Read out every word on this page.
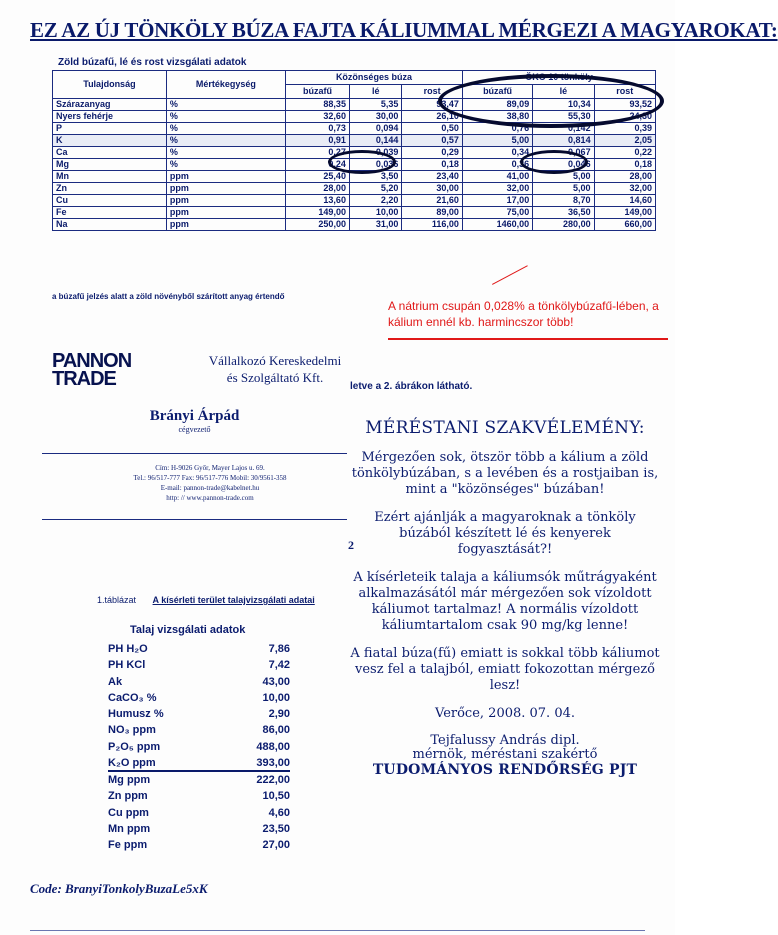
EZ AZ ÚJ TÖNKÖLY BÚZA FAJTA KÁLIUMMAL MÉRGEZI A MAGYAROKAT:
Zöld búzafű, lé és rost vizsgálati adatok
Tulajdonság	Mértékegység	Közönséges búza			ÖKO 10 tönköly		
		búzafű	lé	rost	búzafű	lé	rost
Szárazanyag	%	88,35	5,35	93,47	89,09	10,34	93,52
Nyers fehérje	%	32,60	30,00	26,10	38,80	55,30	24,30
P	%	0,73	0,094	0,50	0,76	0,142	0,39
K	%	0,91	0,144	0,57	5,00	0,814	2,05
Ca	%	0,27	0,039	0,29	0,34	0,067	0,22
Mg	%	0,24	0,036	0,18	0,36	0,046	0,18
Mn	ppm	25,40	3,50	23,40	41,00	5,00	28,00
Zn	ppm	28,00	5,20	30,00	32,00	5,00	32,00
Cu	ppm	13,60	2,20	21,60	17,00	8,70	14,60
Fe	ppm	149,00	10,00	89,00	75,00	36,50	149,00
Na	ppm	250,00	31,00	116,00	1460,00	280,00	660,00
a búzafű jelzés alatt a zöld növényből szárított anyag értendő
A nátrium csupán 0,028% a tönkölybúzafű-lében, a kálium ennél kb. harmincszor több!
PANNON
TRADE
Vállalkozó Kereskedelmi
és Szolgáltató Kft.
letve a 2. ábrákon látható.
Brányi Árpád
cégvezető
Cím: H-9026 Győr, Mayer Lajos u. 69.
Tel.: 96/517-777 Fax: 96/517-776 Mobil: 30/9561-358
E-mail: pannon-trade@kabelnet.hu
http: // www.pannon-trade.com
2
1.táblázat A kísérleti terület talajvizsgálati adatai
Talaj vizsgálati adatok
PH H₂O	7,86
PH KCl	7,42
Ak	43,00
CaCO₃ %	10,00
Humusz %	2,90
NO₃ ppm	86,00
P₂O₅ ppm	488,00
K₂O ppm	393,00
Mg ppm	222,00
Zn ppm	10,50
Cu ppm	4,60
Mn ppm	23,50
Fe ppm	27,00
Code: BranyiTonkolyBuzaLe5xK
MÉRÉSTANI SZAKVÉLEMÉNY:

Mérgezően sok, ötször több a kálium a zöld tönkölybúzában, s a levében és a rostjaiban is, mint a "közönséges" búzában!

Ezért ajánlják a magyaroknak a tönköly búzából készített lé és kenyerek fogyasztását?!

A kísérleteik talaja a káliumsók műtrágyaként alkalmazásától már mérgezően sok vízoldott káliumot tartalmaz! A normális vízoldott káliumtartalom csak 90 mg/kg lenne!

A fiatal búza(fű) emiatt is sokkal több káliumot vesz fel a talajból, emiatt fokozottan mérgező lesz!

Verőce, 2008. 07. 04.

Tejfalussy András dipl.

mérnök, méréstani szakértő

TUDOMÁNYOS RENDŐRSÉG PJT
